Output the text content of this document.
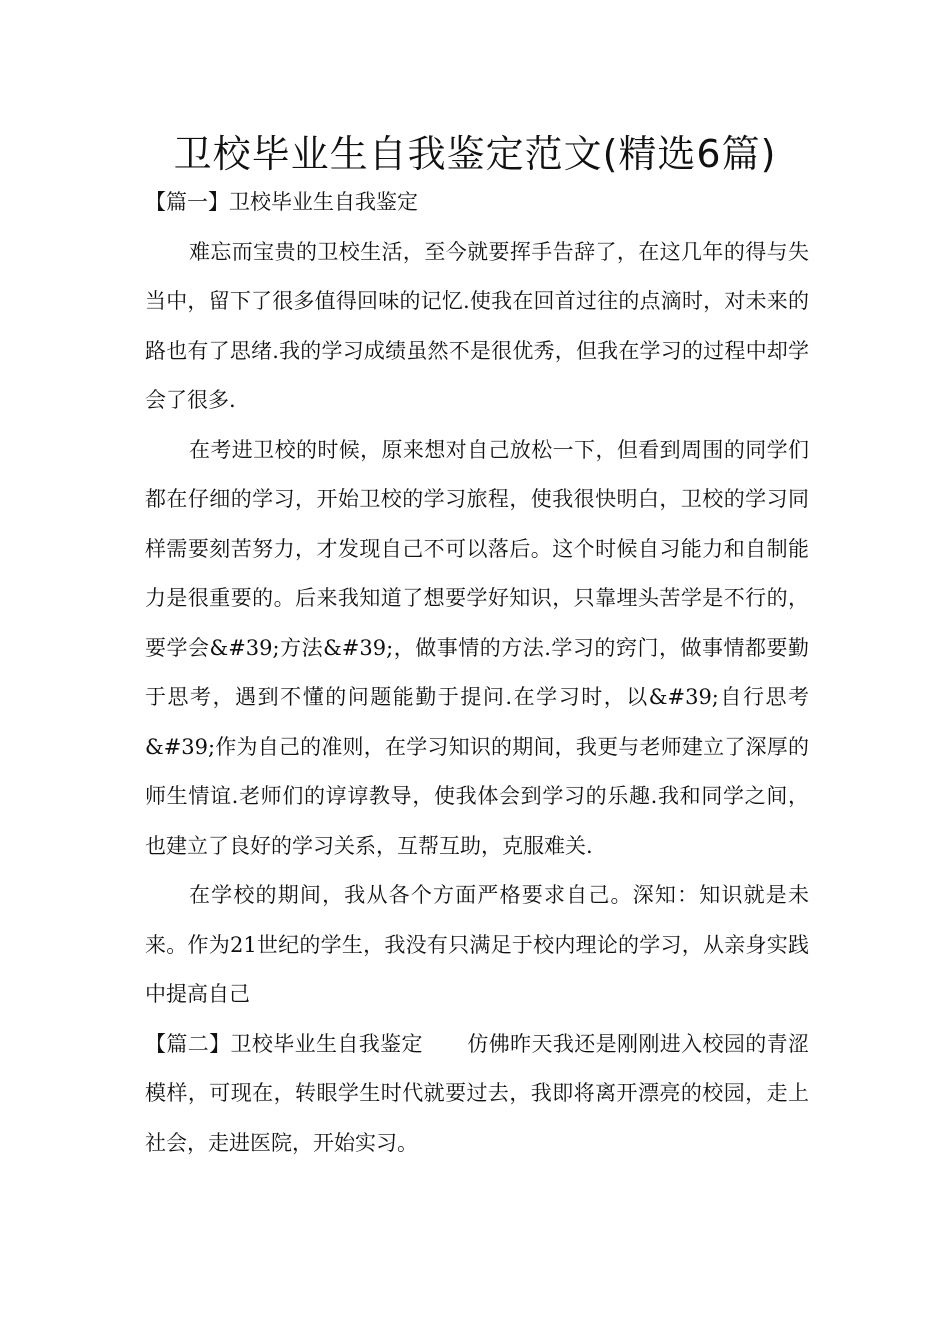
卫校毕业生自我鉴定范文(精选6篇)

【篇一】卫校毕业生自我鉴定

难忘而宝贵的卫校生活，至今就要挥手告辞了，在这几年的得与失当中，留下了很多值得回味的记忆.使我在回首过往的点滴时，对未来的路也有了思绪.我的学习成绩虽然不是很优秀，但我在学习的过程中却学会了很多.

在考进卫校的时候，原来想对自己放松一下，但看到周围的同学们都在仔细的学习，开始卫校的学习旅程，使我很快明白，卫校的学习同样需要刻苦努力，才发现自己不可以落后。这个时候自习能力和自制能力是很重要的。后来我知道了想要学好知识，只靠埋头苦学是不行的，要学会&#39;方法&#39;，做事情的方法.学习的窍门，做事情都要勤于思考，遇到不懂的问题能勤于提问.在学习时，以&#39;自行思考&#39;作为自己的准则，在学习知识的期间，我更与老师建立了深厚的师生情谊.老师们的谆谆教导，使我体会到学习的乐趣.我和同学之间，也建立了良好的学习关系，互帮互助，克服难关.

在学校的期间，我从各个方面严格要求自己。深知：知识就是未来。作为21世纪的学生，我没有只满足于校内理论的学习，从亲身实践中提高自己

【篇二】卫校毕业生自我鉴定 仿佛昨天我还是刚刚进入校园的青涩模样，可现在，转眼学生时代就要过去，我即将离开漂亮的校园，走上社会，走进医院，开始实习。
